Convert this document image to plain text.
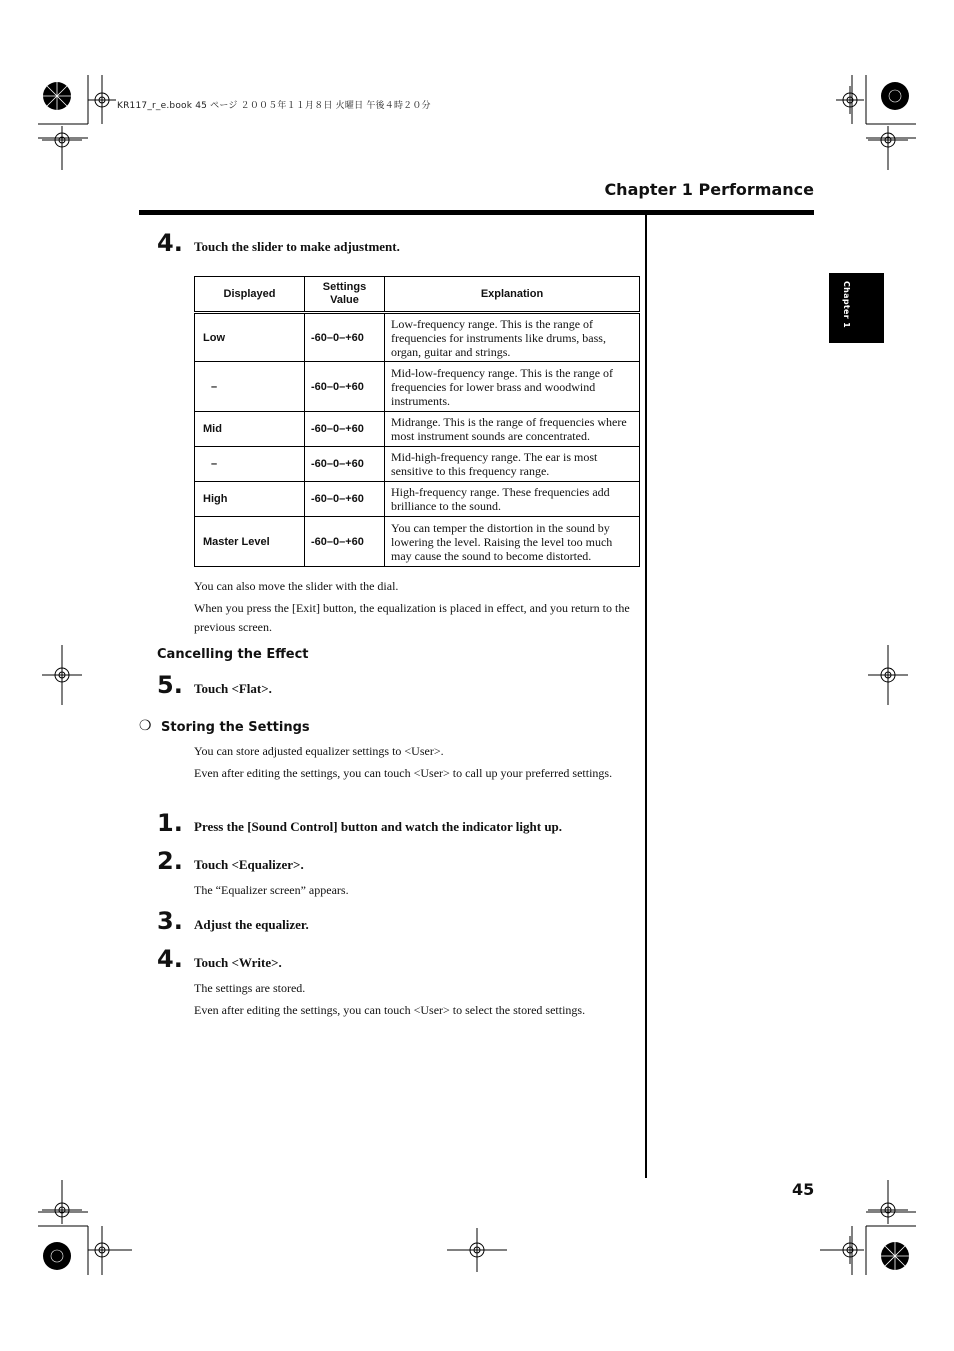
KR117_r_e.book 45 ページ ２００５年１１月８日 火曜日 午後４時２０分
Chapter 1 Performance
Chapter 1
4. Touch the slider to make adjustment.
Displayed	Settings Value	Explanation
Low	-60–0–+60	Low-frequency range. This is the range of frequencies for instruments like drums, bass, organ, guitar and strings.
–	-60–0–+60	Mid-low-frequency range. This is the range of frequencies for lower brass and woodwind instruments.
Mid	-60–0–+60	Midrange. This is the range of frequencies where most instrument sounds are concentrated.
–	-60–0–+60	Mid-high-frequency range. The ear is most sensitive to this frequency range.
High	-60–0–+60	High-frequency range. These frequencies add brilliance to the sound.
Master Level	-60–0–+60	You can temper the distortion in the sound by lowering the level. Raising the level too much may cause the sound to become distorted.
You can also move the slider with the dial.
When you press the [Exit] button, the equalization is placed in effect, and you return to the previous screen.
Cancelling the Effect
5. Touch <Flat>.
❍ Storing the Settings
You can store adjusted equalizer settings to <User>.
Even after editing the settings, you can touch <User> to call up your preferred settings.
1. Press the [Sound Control] button and watch the indicator light up.
2. Touch <Equalizer>.
The “Equalizer screen” appears.
3. Adjust the equalizer.
4. Touch <Write>.
The settings are stored.
Even after editing the settings, you can touch <User> to select the stored settings.
45
